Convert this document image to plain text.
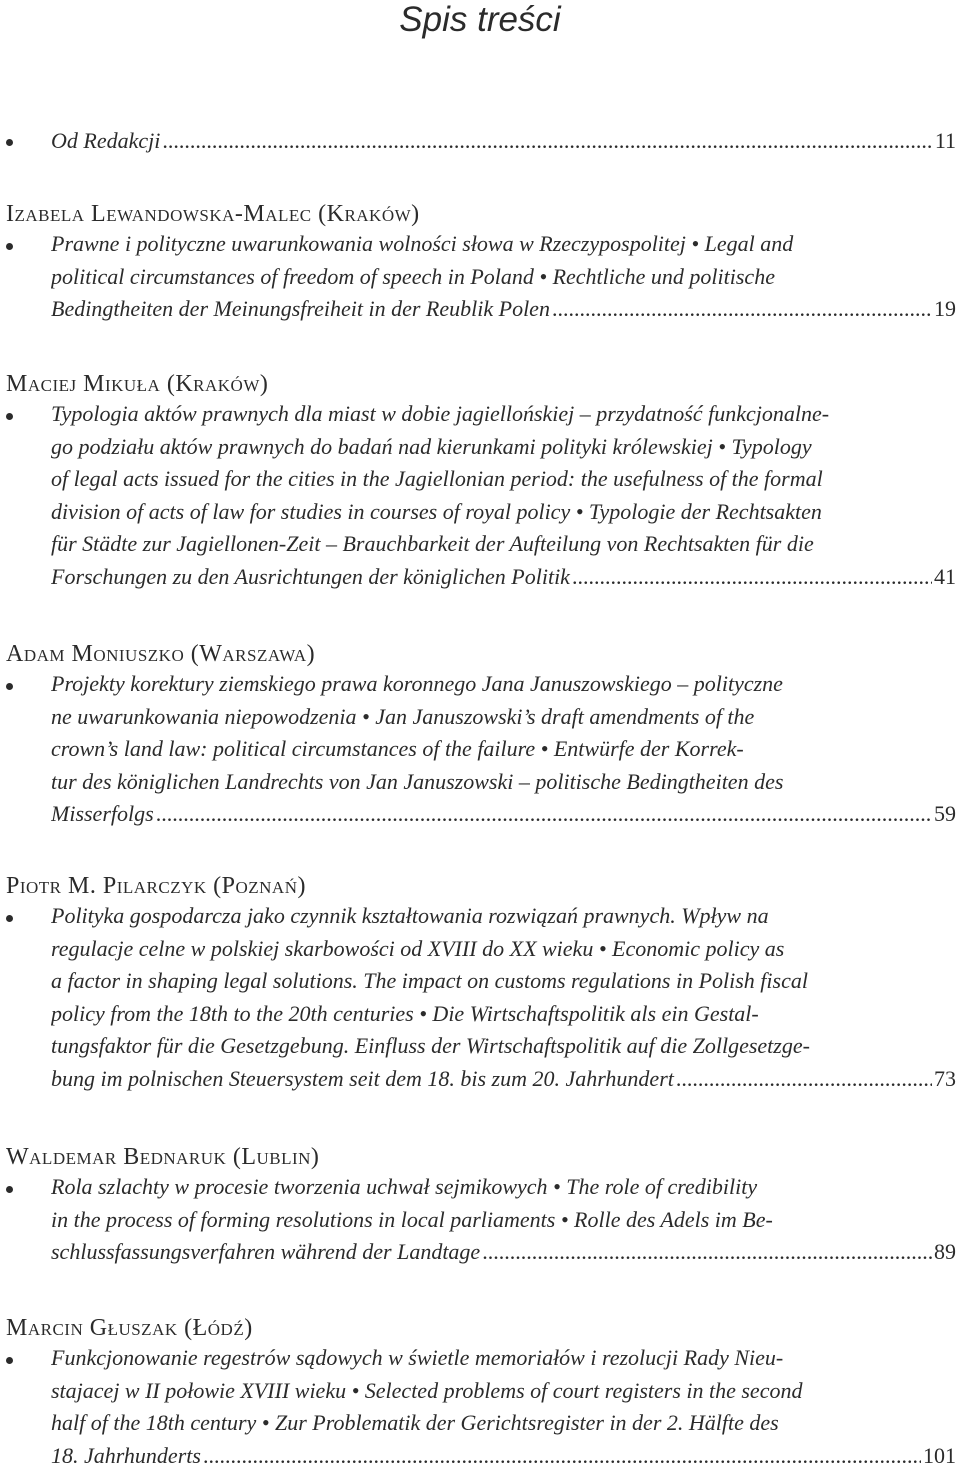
Spis treści
Od Redakcji .....	11
Izabela Lewandowska-Malec (Kraków)
Prawne i polityczne uwarunkowania wolności słowa w Rzeczypospolitej • Legal and
political circumstances of freedom of speech in Poland • Rechtliche und politische
Bedingtheiten der Meinungsfreiheit in der Reublik Polen .....	19
Maciej Mikuła (Kraków)
Typologia aktów prawnych dla miast w dobie jagiellońskiej – przydatność funkcjonalne-
go podziału aktów prawnych do badań nad kierunkami polityki królewskiej • Typology
of legal acts issued for the cities in the Jagiellonian period: the usefulness of the formal
division of acts of law for studies in courses of royal policy • Typologie der Rechtsakten
für Städte zur Jagiellonen-Zeit – Brauchbarkeit der Aufteilung von Rechtsakten für die
Forschungen zu den Ausrichtungen der königlichen Politik .....	41
Adam Moniuszko (Warszawa)
Projekty korektury ziemskiego prawa koronnego Jana Januszowskiego – polityczne
ne uwarunkowania niepowodzenia • Jan Januszowski’s draft amendments of the
crown’s land law: political circumstances of the failure • Entwürfe der Korrek-
tur des königlichen Landrechts von Jan Januszowski – politische Bedingtheiten des
Misserfolgs .....	59
Piotr M. Pilarczyk (Poznań)
Polityka gospodarcza jako czynnik kształtowania rozwiązań prawnych. Wpływ na
regulacje celne w polskiej skarbowości od XVIII do XX wieku • Economic policy as
a factor in shaping legal solutions. The impact on customs regulations in Polish fiscal
policy from the 18th to the 20th centuries • Die Wirtschaftspolitik als ein Gestal-
tungsfaktor für die Gesetzgebung. Einfluss der Wirtschaftspolitik auf die Zollgesetzge-
bung im polnischen Steuersystem seit dem 18. bis zum 20. Jahrhundert .....	73
Waldemar Bednaruk (Lublin)
Rola szlachty w procesie tworzenia uchwał sejmikowych • The role of credibility
in the process of forming resolutions in local parliaments • Rolle des Adels im Be-
schlussfassungsverfahren während der Landtage .....	89
Marcin Głuszak (Łódź)
Funkcjonowanie regestrów sądowych w świetle memoriałów i rezolucji Rady Nieu-
stajacej w II połowie XVIII wieku • Selected problems of court registers in the second
half of the 18th century • Zur Problematik der Gerichtsregister in der 2. Hälfte des
18. Jahrhunderts .....	101
